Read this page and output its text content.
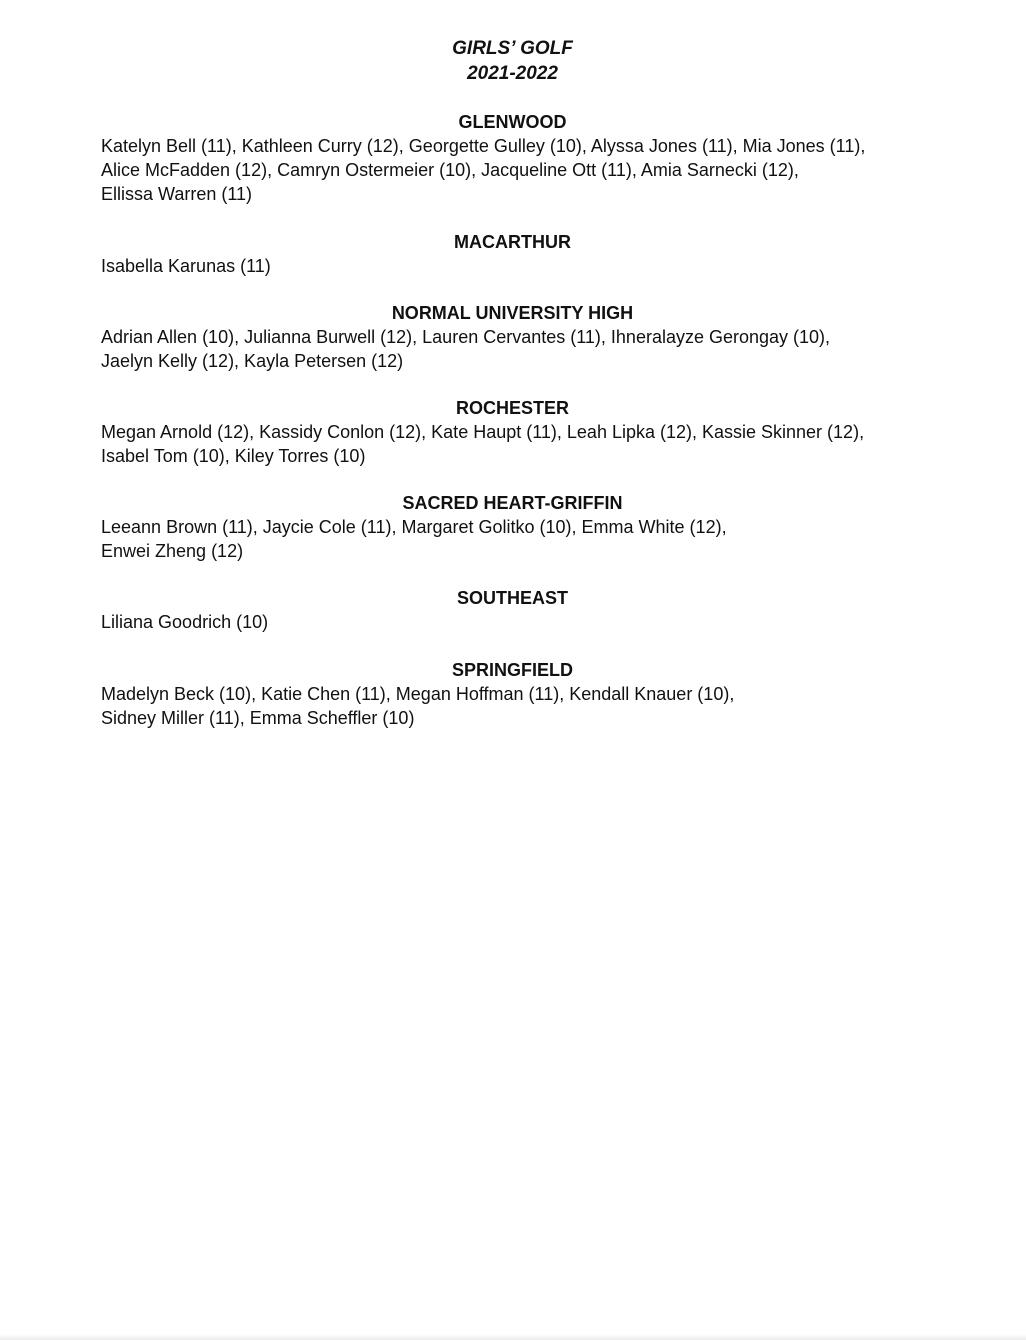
GIRLS’ GOLF

2021-2022

GLENWOOD

Katelyn Bell (11), Kathleen Curry (12), Georgette Gulley (10), Alyssa Jones (11), Mia Jones (11),
Alice McFadden (12), Camryn Ostermeier (10), Jacqueline Ott (11), Amia Sarnecki (12),
Ellissa Warren (11)

MACARTHUR

Isabella Karunas (11)

NORMAL UNIVERSITY HIGH

Adrian Allen (10), Julianna Burwell (12), Lauren Cervantes (11), Ihneralayze Gerongay (10),
Jaelyn Kelly (12), Kayla Petersen (12)

ROCHESTER

Megan Arnold (12), Kassidy Conlon (12), Kate Haupt (11), Leah Lipka (12), Kassie Skinner (12),
Isabel Tom (10), Kiley Torres (10)

SACRED HEART-GRIFFIN

Leeann Brown (11), Jaycie Cole (11), Margaret Golitko (10), Emma White (12),
Enwei Zheng (12)

SOUTHEAST

Liliana Goodrich (10)

SPRINGFIELD

Madelyn Beck (10), Katie Chen (11), Megan Hoffman (11), Kendall Knauer (10),
Sidney Miller (11), Emma Scheffler (10)
